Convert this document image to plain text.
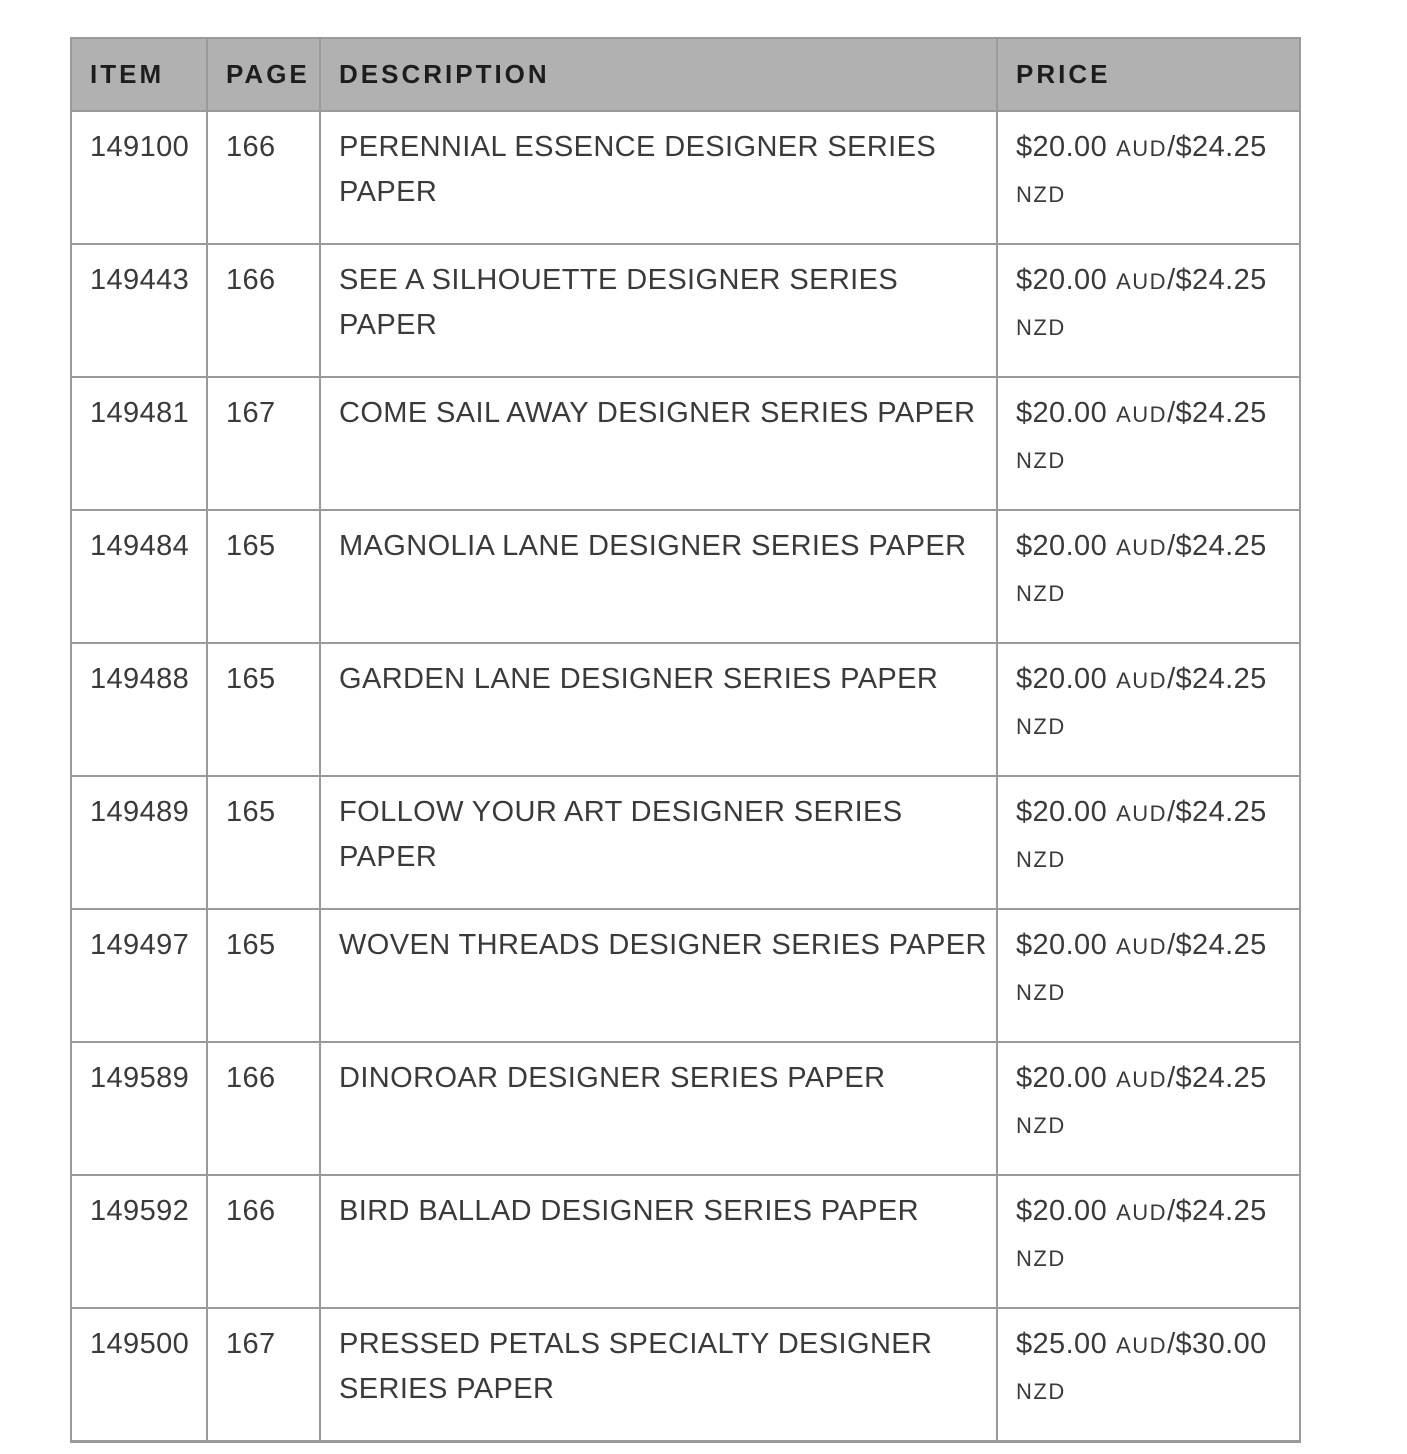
ITEM	PAGE	DESCRIPTION	PRICE
149100	166	PERENNIAL ESSENCE DESIGNER SERIES PAPER	$20.00 AUD/$24.25 NZD
149443	166	SEE A SILHOUETTE DESIGNER SERIES PAPER	$20.00 AUD/$24.25 NZD
149481	167	COME SAIL AWAY DESIGNER SERIES PAPER	$20.00 AUD/$24.25 NZD
149484	165	MAGNOLIA LANE DESIGNER SERIES PAPER	$20.00 AUD/$24.25 NZD
149488	165	GARDEN LANE DESIGNER SERIES PAPER	$20.00 AUD/$24.25 NZD
149489	165	FOLLOW YOUR ART DESIGNER SERIES PAPER	$20.00 AUD/$24.25 NZD
149497	165	WOVEN THREADS DESIGNER SERIES PAPER	$20.00 AUD/$24.25 NZD
149589	166	DINOROAR DESIGNER SERIES PAPER	$20.00 AUD/$24.25 NZD
149592	166	BIRD BALLAD DESIGNER SERIES PAPER	$20.00 AUD/$24.25 NZD
149500	167	PRESSED PETALS SPECIALTY DESIGNER SERIES PAPER	$25.00 AUD/$30.00 NZD
